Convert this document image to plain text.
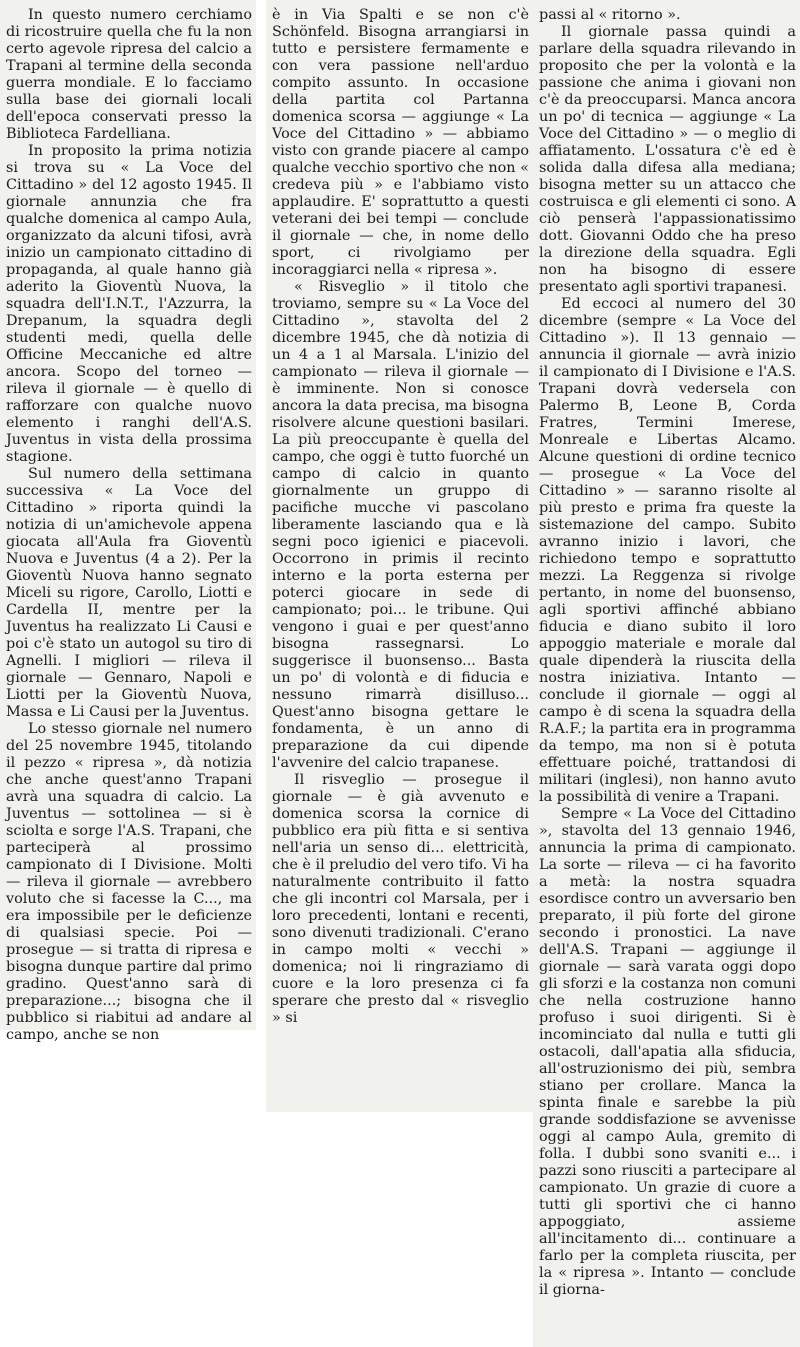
In questo numero cerchiamo di ricostruire quella che fu la non certo agevole ripresa del calcio a Trapani al termine della seconda guerra mondiale. E lo facciamo sulla base dei giornali locali dell'epoca conservati presso la Biblioteca Fardelliana.

In proposito la prima notizia si trova su « La Voce del Cittadino » del 12 agosto 1945. Il giornale annunzia che fra qualche domenica al campo Aula, organizzato da alcuni tifosi, avrà inizio un campionato cittadino di propaganda, al quale hanno già aderito la Gioventù Nuova, la squadra dell'I.N.T., l'Azzurra, la Drepanum, la squadra degli studenti medi, quella delle Officine Meccaniche ed altre ancora. Scopo del torneo — rileva il giornale — è quello di rafforzare con qualche nuovo elemento i ranghi dell'A.S. Juventus in vista della prossima stagione.

Sul numero della settimana successiva « La Voce del Cittadino » riporta quindi la notizia di un'amichevole appena giocata all'Aula fra Gioventù Nuova e Juventus (4 a 2). Per la Gioventù Nuova hanno segnato Miceli su rigore, Carollo, Liotti e Cardella II, mentre per la Juventus ha realizzato Li Causi e poi c'è stato un autogol su tiro di Agnelli. I migliori — rileva il giornale — Gennaro, Napoli e Liotti per la Gioventù Nuova, Massa e Li Causi per la Juventus.

Lo stesso giornale nel numero del 25 novembre 1945, titolando il pezzo « ripresa », dà notizia che anche quest'anno Trapani avrà una squadra di calcio. La Juventus — sottolinea — si è sciolta e sorge l'A.S. Trapani, che parteciperà al prossimo campionato di I Divisione. Molti — rileva il giornale — avrebbero voluto che si facesse la C..., ma era impossibile per le deficienze di qualsiasi specie. Poi — prosegue — si tratta di ripresa e bisogna dunque partire dal primo gradino. Quest'anno sarà di preparazione...; bisogna che il pubblico si riabitui ad andare al campo, anche se non

è in Via Spalti e se non c'è Schönfeld. Bisogna arrangiarsi in tutto e persistere fermamente e con vera passione nell'arduo compito assunto. In occasione della partita col Partanna domenica scorsa — aggiunge « La Voce del Cittadino » — abbiamo visto con grande piacere al campo qualche vecchio sportivo che non « credeva più » e l'abbiamo visto applaudire. E' soprattutto a questi veterani dei bei tempi — conclude il giornale — che, in nome dello sport, ci rivolgiamo per incoraggiarci nella « ripresa ».

« Risveglio » il titolo che troviamo, sempre su « La Voce del Cittadino », stavolta del 2 dicembre 1945, che dà notizia di un 4 a 1 al Marsala. L'inizio del campionato — rileva il giornale — è imminente. Non si conosce ancora la data precisa, ma bisogna risolvere alcune questioni basilari. La più preoccupante è quella del campo, che oggi è tutto fuorché un campo di calcio in quanto giornalmente un gruppo di pacifiche mucche vi pascolano liberamente lasciando qua e là segni poco igienici e piacevoli. Occorrono in primis il recinto interno e la porta esterna per poterci giocare in sede di campionato; poi... le tribune. Qui vengono i guai e per quest'anno bisogna rassegnarsi. Lo suggerisce il buonsenso... Basta un po' di volontà e di fiducia e nessuno rimarrà disilluso... Quest'anno bisogna gettare le fondamenta, è un anno di preparazione da cui dipende l'avvenire del calcio trapanese.

Il risveglio — prosegue il giornale — è già avvenuto e domenica scorsa la cornice di pubblico era più fitta e si sentiva nell'aria un senso di... elettricità, che è il preludio del vero tifo. Vi ha naturalmente contribuito il fatto che gli incontri col Marsala, per i loro precedenti, lontani e recenti, sono divenuti tradizionali. C'erano in campo molti « vecchi » domenica; noi li ringraziamo di cuore e la loro presenza ci fa sperare che presto dal « risveglio » si

passi al « ritorno ».

Il giornale passa quindi a parlare della squadra rilevando in proposito che per la volontà e la passione che anima i giovani non c'è da preoccuparsi. Manca ancora un po' di tecnica — aggiunge « La Voce del Cittadino » — o meglio di affiatamento. L'ossatura c'è ed è solida dalla difesa alla mediana; bisogna metter su un attacco che costruisca e gli elementi ci sono. A ciò penserà l'appassionatissimo dott. Giovanni Oddo che ha preso la direzione della squadra. Egli non ha bisogno di essere presentato agli sportivi trapanesi.

Ed eccoci al numero del 30 dicembre (sempre « La Voce del Cittadino »). Il 13 gennaio — annuncia il giornale — avrà inizio il campionato di I Divisione e l'A.S. Trapani dovrà vedersela con Palermo B, Leone B, Corda Fratres, Termini Imerese, Monreale e Libertas Alcamo. Alcune questioni di ordine tecnico — prosegue « La Voce del Cittadino » — saranno risolte al più presto e prima fra queste la sistemazione del campo. Subito avranno inizio i lavori, che richiedono tempo e soprattutto mezzi. La Reggenza si rivolge pertanto, in nome del buonsenso, agli sportivi affinché abbiano fiducia e diano subito il loro appoggio materiale e morale dal quale dipenderà la riuscita della nostra iniziativa. Intanto — conclude il giornale — oggi al campo è di scena la squadra della R.A.F.; la partita era in programma da tempo, ma non si è potuta effettuare poiché, trattandosi di militari (inglesi), non hanno avuto la possibilità di venire a Trapani.

Sempre « La Voce del Cittadino », stavolta del 13 gennaio 1946, annuncia la prima di campionato. La sorte — rileva — ci ha favorito a metà: la nostra squadra esordisce contro un avversario ben preparato, il più forte del girone secondo i pronostici. La nave dell'A.S. Trapani — aggiunge il giornale — sarà varata oggi dopo gli sforzi e la costanza non comuni che nella costruzione hanno profuso i suoi dirigenti. Si è incominciato dal nulla e tutti gli ostacoli, dall'apatia alla sfiducia, all'ostruzionismo dei più, sembra stiano per crollare. Manca la spinta finale e sarebbe la più grande soddisfazione se avvenisse oggi al campo Aula, gremito di folla. I dubbi sono svaniti e... i pazzi sono riusciti a partecipare al campionato. Un grazie di cuore a tutti gli sportivi che ci hanno appoggiato, assieme all'incitamento di... continuare a farlo per la completa riuscita, per la « ripresa ». Intanto — conclude il giorna-
